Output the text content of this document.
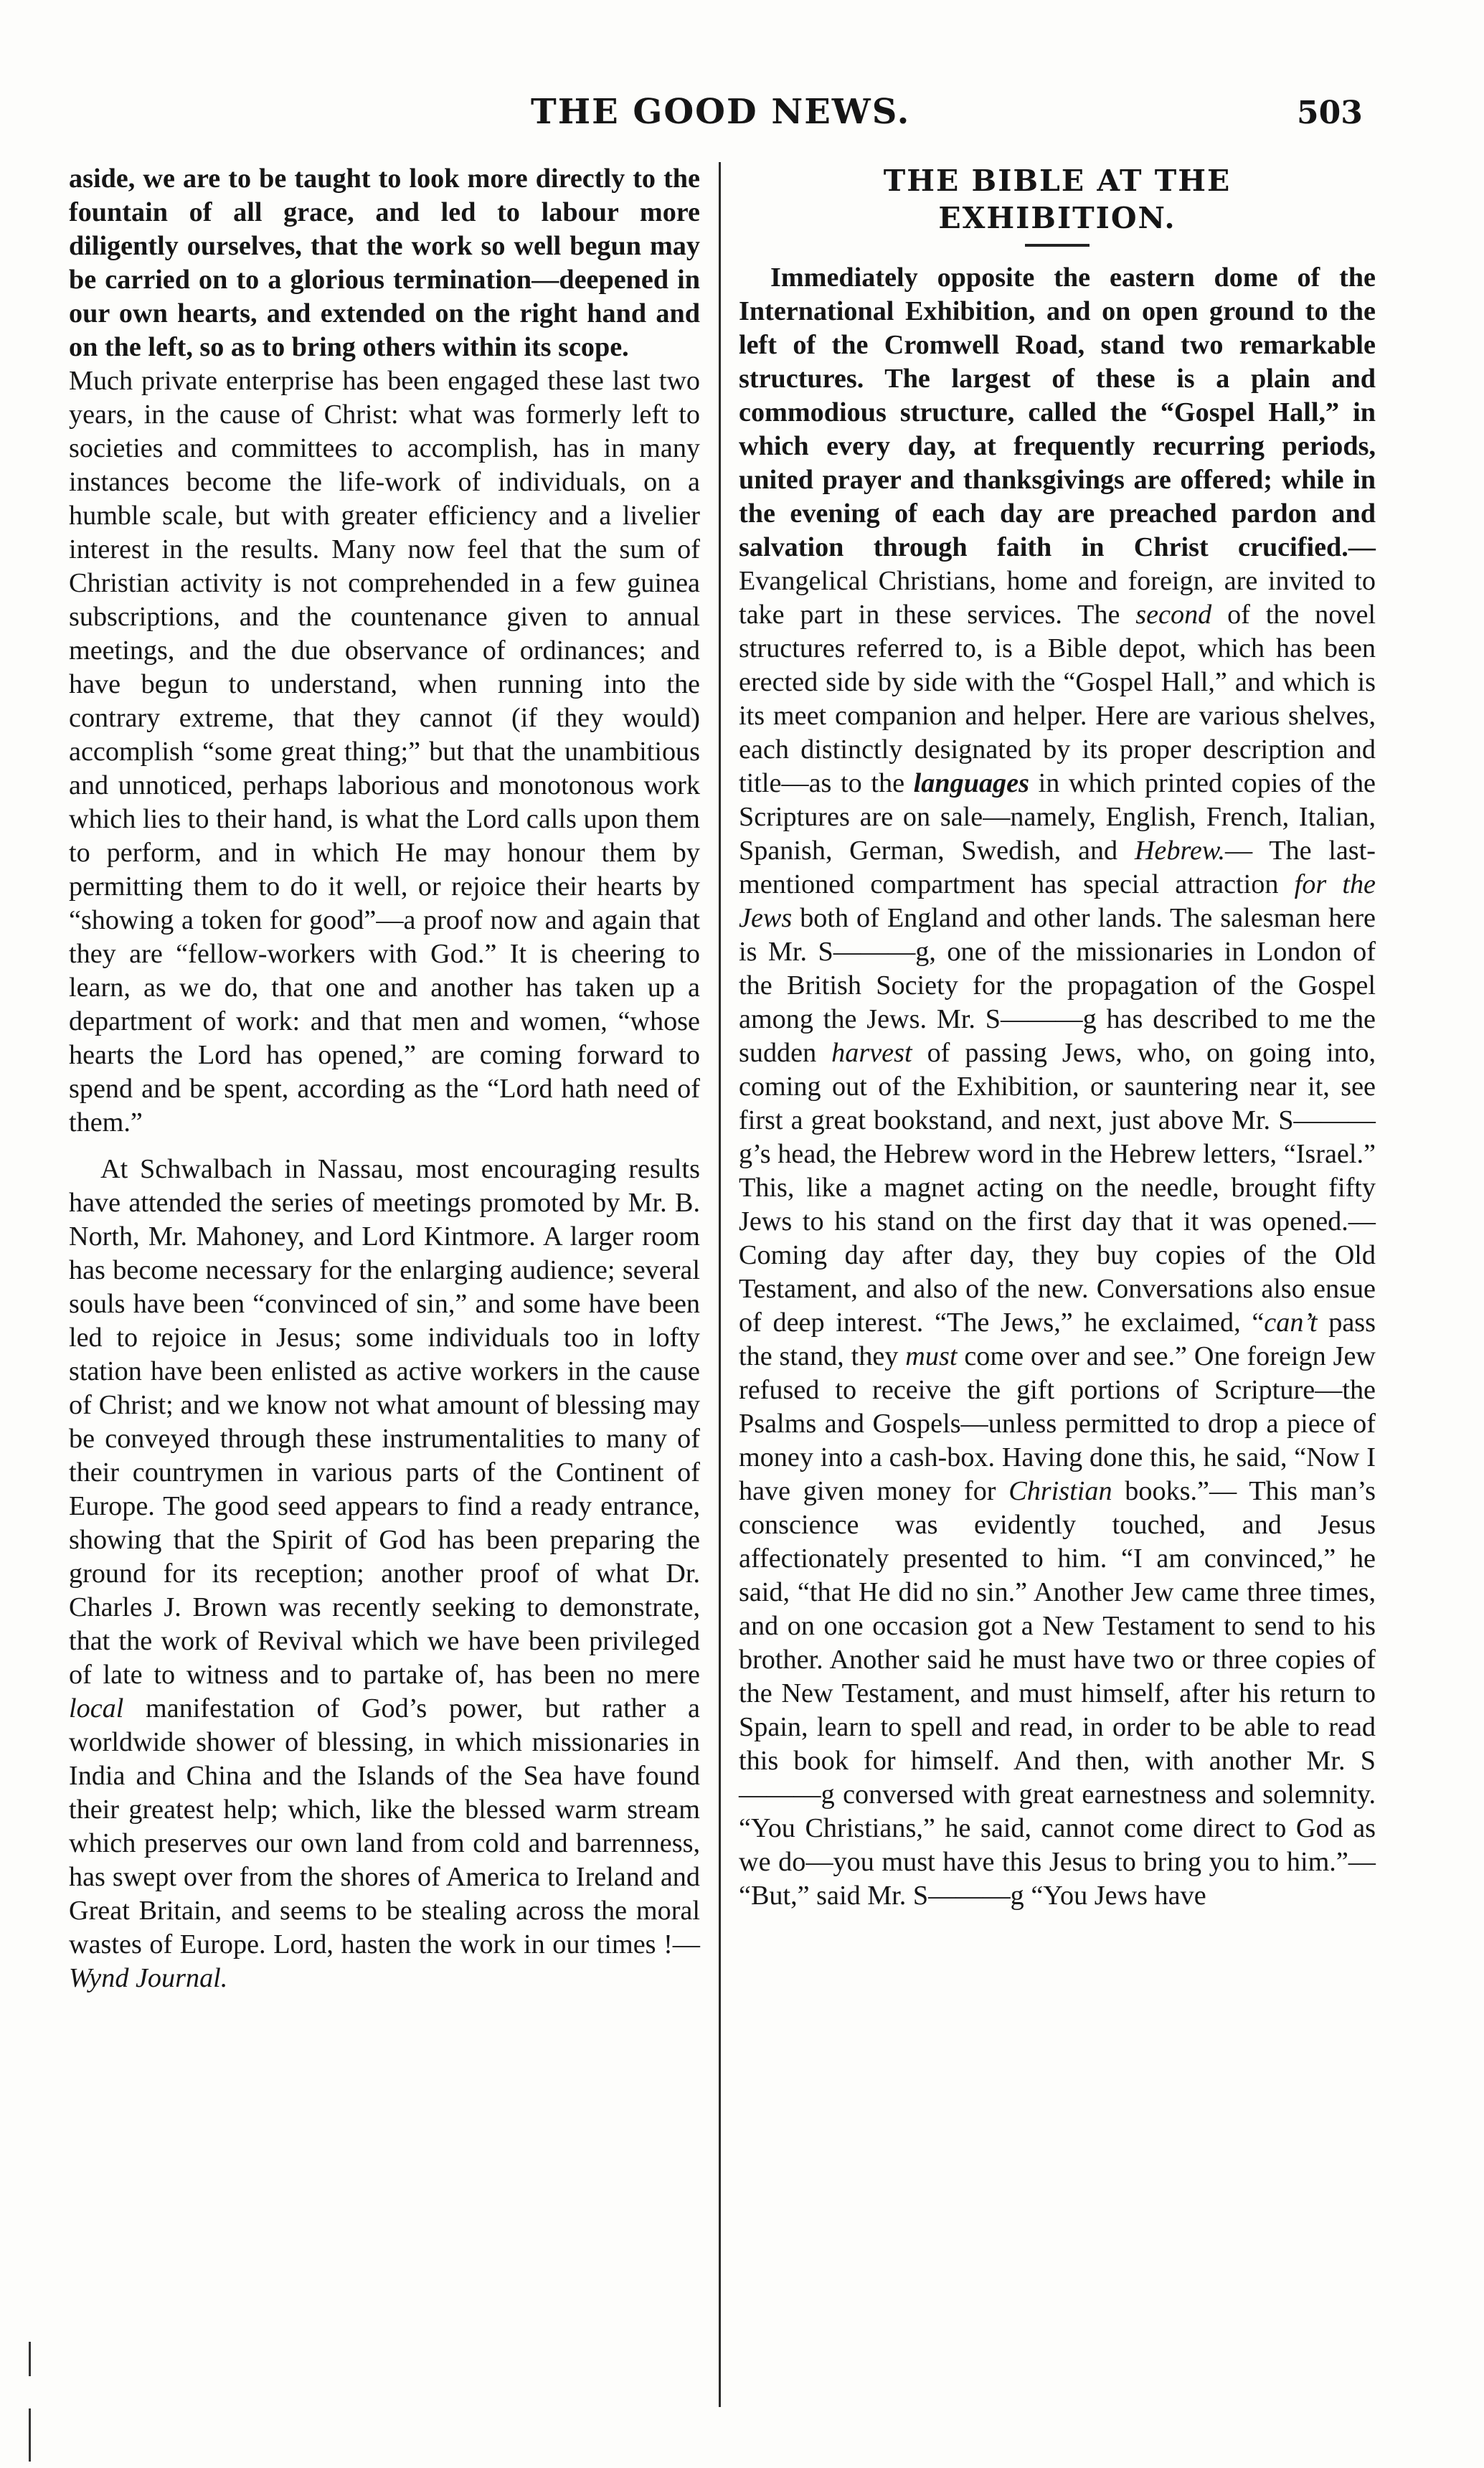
THE GOOD NEWS.	503

aside, we are to be taught to look more directly to the fountain of all grace, and led to labour more diligently ourselves, that the work so well begun may be carried on to a glorious termination—deepened in our own hearts, and extended on the right hand and on the left, so as to bring others within its scope.

Much private enterprise has been engaged these last two years, in the cause of Christ: what was formerly left to societies and committees to accomplish, has in many instances become the life-work of individuals, on a humble scale, but with greater efficiency and a livelier interest in the results. Many now feel that the sum of Christian activity is not comprehended in a few guinea subscriptions, and the countenance given to annual meetings, and the due observance of ordinances; and have begun to understand, when running into the contrary extreme, that they cannot (if they would) accomplish “some great thing;” but that the unambitious and unnoticed, perhaps laborious and monotonous work which lies to their hand, is what the Lord calls upon them to perform, and in which He may honour them by permitting them to do it well, or rejoice their hearts by “showing a token for good”—a proof now and again that they are “fellow-workers with God.” It is cheering to learn, as we do, that one and another has taken up a department of work: and that men and women, “whose hearts the Lord has opened,” are coming forward to spend and be spent, according as the “Lord hath need of them.”

At Schwalbach in Nassau, most encouraging results have attended the series of meetings promoted by Mr. B. North, Mr. Mahoney, and Lord Kintmore. A larger room has become necessary for the enlarging audience; several souls have been “convinced of sin,” and some have been led to rejoice in Jesus; some individuals too in lofty station have been enlisted as active workers in the cause of Christ; and we know not what amount of blessing may be conveyed through these instrumentalities to many of their countrymen in various parts of the Continent of Europe. The good seed appears to find a ready entrance, showing that the Spirit of God has been preparing the ground for its reception; another proof of what Dr. Charles J. Brown was recently seeking to demonstrate, that the work of Revival which we have been privileged of late to witness and to partake of, has been no mere local manifestation of God’s power, but rather a worldwide shower of blessing, in which missionaries in India and China and the Islands of the Sea have found their greatest help; which, like the blessed warm stream which preserves our own land from cold and barrenness, has swept over from the shores of America to Ireland and Great Britain, and seems to be stealing across the moral wastes of Europe. Lord, hasten the work in our times !—Wynd Journal.

THE BIBLE AT THE
EXHIBITION.

Immediately opposite the eastern dome of the International Exhibition, and on open ground to the left of the Cromwell Road, stand two remarkable structures. The largest of these is a plain and commodious structure, called the “Gospel Hall,” in which every day, at frequently recurring periods, united prayer and thanksgivings are offered; while in the evening of each day are preached pardon and salvation through faith in Christ crucified.— Evangelical Christians, home and foreign, are invited to take part in these services. The second of the novel structures referred to, is a Bible depot, which has been erected side by side with the “Gospel Hall,” and which is its meet companion and helper. Here are various shelves, each distinctly designated by its proper description and title—as to the languages in which printed copies of the Scriptures are on sale—namely, English, French, Italian, Spanish, German, Swedish, and Hebrew.— The last-mentioned compartment has special attraction for the Jews both of England and other lands. The salesman here is Mr. S———g, one of the missionaries in London of the British Society for the propagation of the Gospel among the Jews. Mr. S———g has described to me the sudden harvest of passing Jews, who, on going into, coming out of the Exhibition, or sauntering near it, see first a great bookstand, and next, just above Mr. S———g’s head, the Hebrew word in the Hebrew letters, “Israel.” This, like a magnet acting on the needle, brought fifty Jews to his stand on the first day that it was opened.— Coming day after day, they buy copies of the Old Testament, and also of the new. Conversations also ensue of deep interest. “The Jews,” he exclaimed, “can’t pass the stand, they must come over and see.” One foreign Jew refused to receive the gift portions of Scripture—the Psalms and Gospels—unless permitted to drop a piece of money into a cash-box. Having done this, he said, “Now I have given money for Christian books.”— This man’s conscience was evidently touched, and Jesus affectionately presented to him. “I am convinced,” he said, “that He did no sin.” Another Jew came three times, and on one occasion got a New Testament to send to his brother. Another said he must have two or three copies of the New Testament, and must himself, after his return to Spain, learn to spell and read, in order to be able to read this book for himself. And then, with another Mr. S———g conversed with great earnestness and solemnity. “You Christians,” he said, cannot come direct to God as we do—you must have this Jesus to bring you to him.”— “But,” said Mr. S———g “You Jews have
